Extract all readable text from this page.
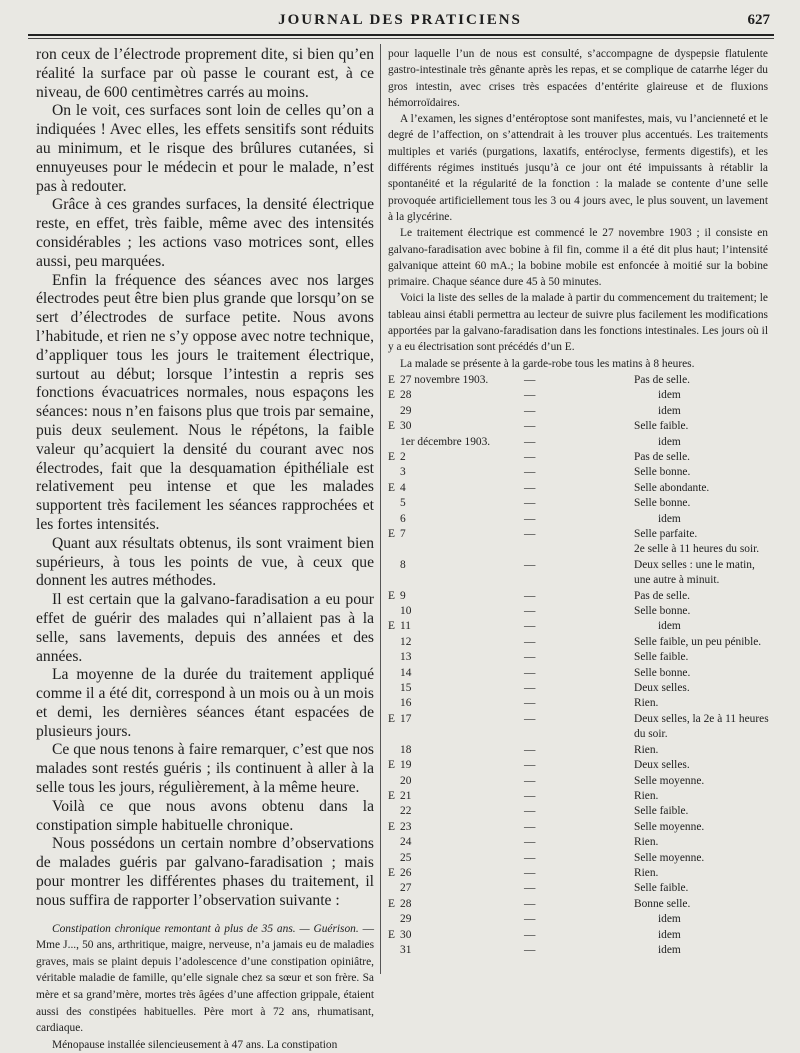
JOURNAL DES PRATICIENS	627

ron ceux de l’électrode proprement dite, si bien qu’en réalité la surface par où passe le courant est, à ce niveau, de 600 centimètres carrés au moins.

On le voit, ces surfaces sont loin de celles qu’on a indiquées ! Avec elles, les effets sensitifs sont réduits au minimum, et le risque des brûlures cutanées, si ennuyeuses pour le médecin et pour le malade, n’est pas à redouter.

Grâce à ces grandes surfaces, la densité électrique reste, en effet, très faible, même avec des intensités considérables ; les actions vaso motrices sont, elles aussi, peu marquées.

Enfin la fréquence des séances avec nos larges électrodes peut être bien plus grande que lorsqu’on se sert d’électrodes de surface petite. Nous avons l’habitude, et rien ne s’y oppose avec notre technique, d’appliquer tous les jours le traitement électrique, surtout au début; lorsque l’intestin a repris ses fonctions évacuatrices normales, nous espaçons les séances: nous n’en faisons plus que trois par semaine, puis deux seulement. Nous le répétons, la faible valeur qu’acquiert la densité du courant avec nos électrodes, fait que la desquamation épithéliale est relativement peu intense et que les malades supportent très facilement les séances rapprochées et les fortes intensités.

Quant aux résultats obtenus, ils sont vraiment bien supérieurs, à tous les points de vue, à ceux que donnent les autres méthodes.

Il est certain que la galvano-faradisation a eu pour effet de guérir des malades qui n’allaient pas à la selle, sans lavements, depuis des années et des années.

La moyenne de la durée du traitement appliqué comme il a été dit, correspond à un mois ou à un mois et demi, les dernières séances étant espacées de plusieurs jours.

Ce que nous tenons à faire remarquer, c’est que nos malades sont restés guéris ; ils continuent à aller à la selle tous les jours, régulièrement, à la même heure.

Voilà ce que nous avons obtenu dans la constipation simple habituelle chronique.

Nous possédons un certain nombre d’observations de malades guéris par galvano-faradisation ; mais pour montrer les différentes phases du traitement, il nous suffira de rapporter l’observation suivante :

Constipation chronique remontant à plus de 35 ans. — Guérison. — Mme J..., 50 ans, arthritique, maigre, nerveuse, n’a jamais eu de maladies graves, mais se plaint depuis l’adolescence d’une constipation opiniâtre, véritable maladie de famille, qu’elle signale chez sa sœur et son frère. Sa mère et sa grand’mère, mortes très âgées d’une affection grippale, étaient aussi des constipées habituelles. Père mort à 72 ans, rhumatisant, cardiaque.

Ménopause installée silencieusement à 47 ans. La constipation

pour laquelle l’un de nous est consulté, s’accompagne de dyspepsie flatulente gastro-intestinale très gênante après les repas, et se complique de catarrhe léger du gros intestin, avec crises très espacées d’entérite glaireuse et de fluxions hémorroïdaires.

A l’examen, les signes d’entéroptose sont manifestes, mais, vu l’ancienneté et le degré de l’affection, on s’attendrait à les trouver plus accentués. Les traitements multiples et variés (purgations, laxatifs, entéroclyse, ferments digestifs), et les différents régimes institués jusqu’à ce jour ont été impuissants à rétablir la spontanéité et la régularité de la fonction : la malade se contente d’une selle provoquée artificiellement tous les 3 ou 4 jours avec, le plus souvent, un lavement à la glycérine.

Le traitement électrique est commencé le 27 novembre 1903 ; il consiste en galvano-faradisation avec bobine à fil fin, comme il a été dit plus haut; l’intensité galvanique atteint 60 mA.; la bobine mobile est enfoncée à moitié sur la bobine primaire. Chaque séance dure 45 à 50 minutes.

Voici la liste des selles de la malade à partir du commencement du traitement; le tableau ainsi établi permettra au lecteur de suivre plus facilement les modifications apportées par la galvano-faradisation dans les fonctions intestinales. Les jours où il y a eu électrisation sont précédés d’un E.

La malade se présente à la garde-robe tous les matins à 8 heures.

E	27 novembre 1903.	—	Pas de selle.
E	28	—	idem
	29	—	idem
E	30	—	Selle faible.
	1er décembre 1903.	—	idem
E	2	—	Pas de selle.
	3	—	Selle bonne.
E	4	—	Selle abondante.
	5	—	Selle bonne.
	6	—	idem
E	7	—	Selle parfaite.
			2e selle à 11 heures du soir.
	8	—	Deux selles : une le matin, une autre à minuit.
E	9	—	Pas de selle.
	10	—	Selle bonne.
E	11	—	idem
	12	—	Selle faible, un peu pénible.
	13	—	Selle faible.
	14	—	Selle bonne.
	15	—	Deux selles.
	16	—	Rien.
E	17	—	Deux selles, la 2e à 11 heures du soir.
	18	—	Rien.
E	19	—	Deux selles.
	20	—	Selle moyenne.
E	21	—	Rien.
	22	—	Selle faible.
E	23	—	Selle moyenne.
	24	—	Rien.
	25	—	Selle moyenne.
E	26	—	Rien.
	27	—	Selle faible.
E	28	—	Bonne selle.
	29	—	idem
E	30	—	idem
	31	—	idem
